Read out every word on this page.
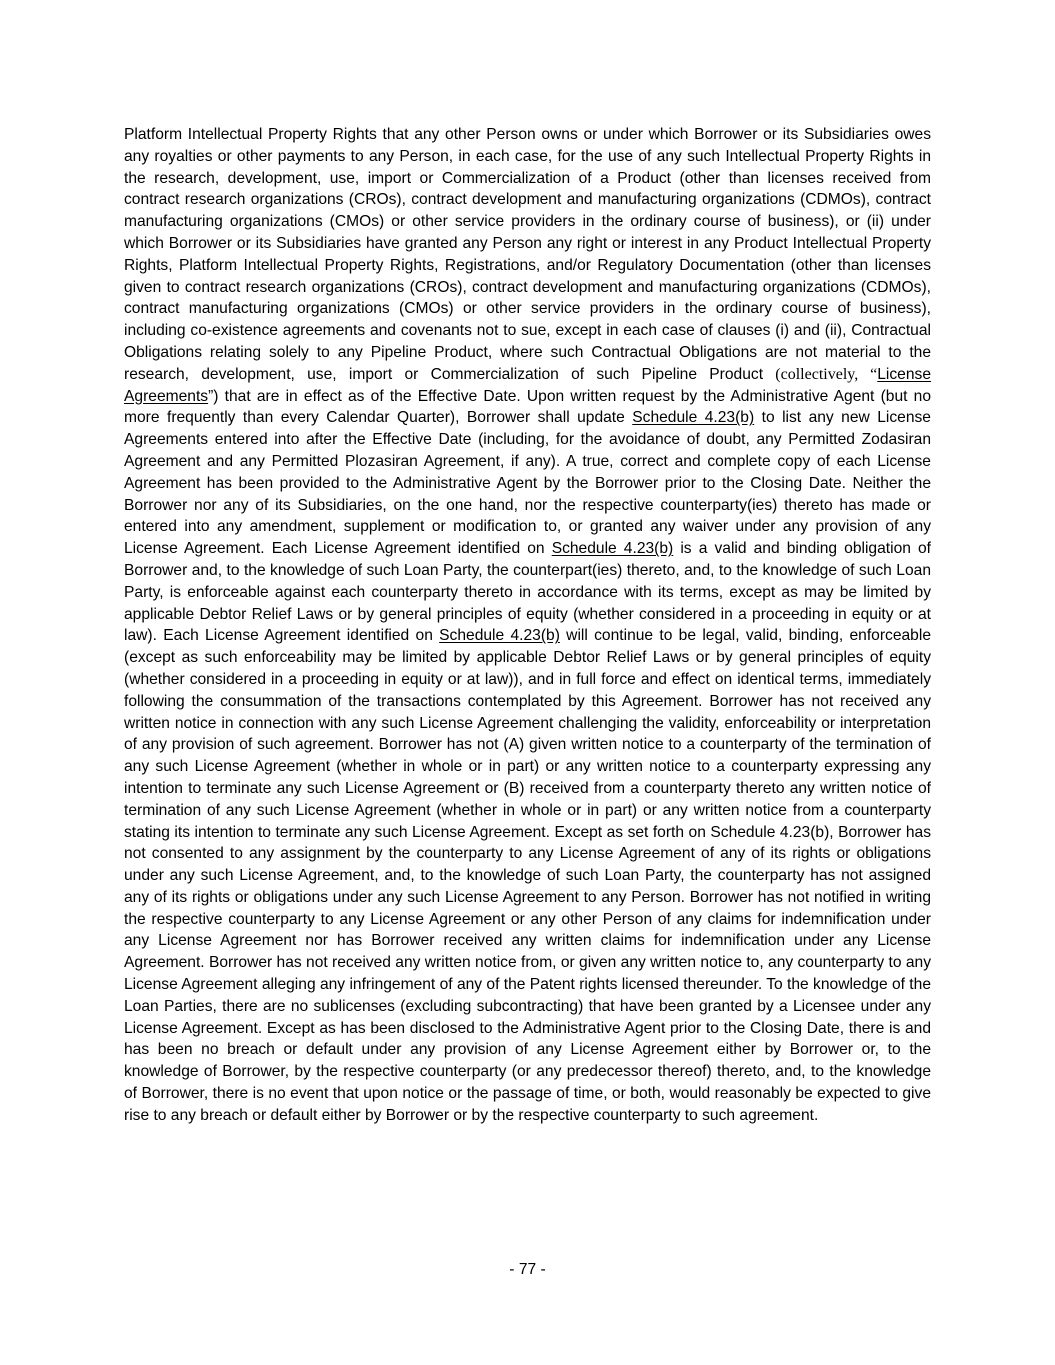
Platform Intellectual Property Rights that any other Person owns or under which Borrower or its Subsidiaries owes any royalties or other payments to any Person, in each case, for the use of any such Intellectual Property Rights in the research, development, use, import or Commercialization of a Product (other than licenses received from contract research organizations (CROs), contract development and manufacturing organizations (CDMOs), contract manufacturing organizations (CMOs) or other service providers in the ordinary course of business), or (ii) under which Borrower or its Subsidiaries have granted any Person any right or interest in any Product Intellectual Property Rights, Platform Intellectual Property Rights, Registrations, and/or Regulatory Documentation (other than licenses given to contract research organizations (CROs), contract development and manufacturing organizations (CDMOs), contract manufacturing organizations (CMOs) or other service providers in the ordinary course of business), including co-existence agreements and covenants not to sue, except in each case of clauses (i) and (ii), Contractual Obligations relating solely to any Pipeline Product, where such Contractual Obligations are not material to the research, development, use, import or Commercialization of such Pipeline Product (collectively, “License Agreements”) that are in effect as of the Effective Date. Upon written request by the Administrative Agent (but no more frequently than every Calendar Quarter), Borrower shall update Schedule 4.23(b) to list any new License Agreements entered into after the Effective Date (including, for the avoidance of doubt, any Permitted Zodasiran Agreement and any Permitted Plozasiran Agreement, if any). A true, correct and complete copy of each License Agreement has been provided to the Administrative Agent by the Borrower prior to the Closing Date. Neither the Borrower nor any of its Subsidiaries, on the one hand, nor the respective counterparty(ies) thereto has made or entered into any amendment, supplement or modification to, or granted any waiver under any provision of any License Agreement. Each License Agreement identified on Schedule 4.23(b) is a valid and binding obligation of Borrower and, to the knowledge of such Loan Party, the counterpart(ies) thereto, and, to the knowledge of such Loan Party, is enforceable against each counterparty thereto in accordance with its terms, except as may be limited by applicable Debtor Relief Laws or by general principles of equity (whether considered in a proceeding in equity or at law). Each License Agreement identified on Schedule 4.23(b) will continue to be legal, valid, binding, enforceable (except as such enforceability may be limited by applicable Debtor Relief Laws or by general principles of equity (whether considered in a proceeding in equity or at law)), and in full force and effect on identical terms, immediately following the consummation of the transactions contemplated by this Agreement. Borrower has not received any written notice in connection with any such License Agreement challenging the validity, enforceability or interpretation of any provision of such agreement. Borrower has not (A) given written notice to a counterparty of the termination of any such License Agreement (whether in whole or in part) or any written notice to a counterparty expressing any intention to terminate any such License Agreement or (B) received from a counterparty thereto any written notice of termination of any such License Agreement (whether in whole or in part) or any written notice from a counterparty stating its intention to terminate any such License Agreement. Except as set forth on Schedule 4.23(b), Borrower has not consented to any assignment by the counterparty to any License Agreement of any of its rights or obligations under any such License Agreement, and, to the knowledge of such Loan Party, the counterparty has not assigned any of its rights or obligations under any such License Agreement to any Person. Borrower has not notified in writing the respective counterparty to any License Agreement or any other Person of any claims for indemnification under any License Agreement nor has Borrower received any written claims for indemnification under any License Agreement. Borrower has not received any written notice from, or given any written notice to, any counterparty to any License Agreement alleging any infringement of any of the Patent rights licensed thereunder. To the knowledge of the Loan Parties, there are no sublicenses (excluding subcontracting) that have been granted by a Licensee under any License Agreement. Except as has been disclosed to the Administrative Agent prior to the Closing Date, there is and has been no breach or default under any provision of any License Agreement either by Borrower or, to the knowledge of Borrower, by the respective counterparty (or any predecessor thereof) thereto, and, to the knowledge of Borrower, there is no event that upon notice or the passage of time, or both, would reasonably be expected to give rise to any breach or default either by Borrower or by the respective counterparty to such agreement.

- 77 -
